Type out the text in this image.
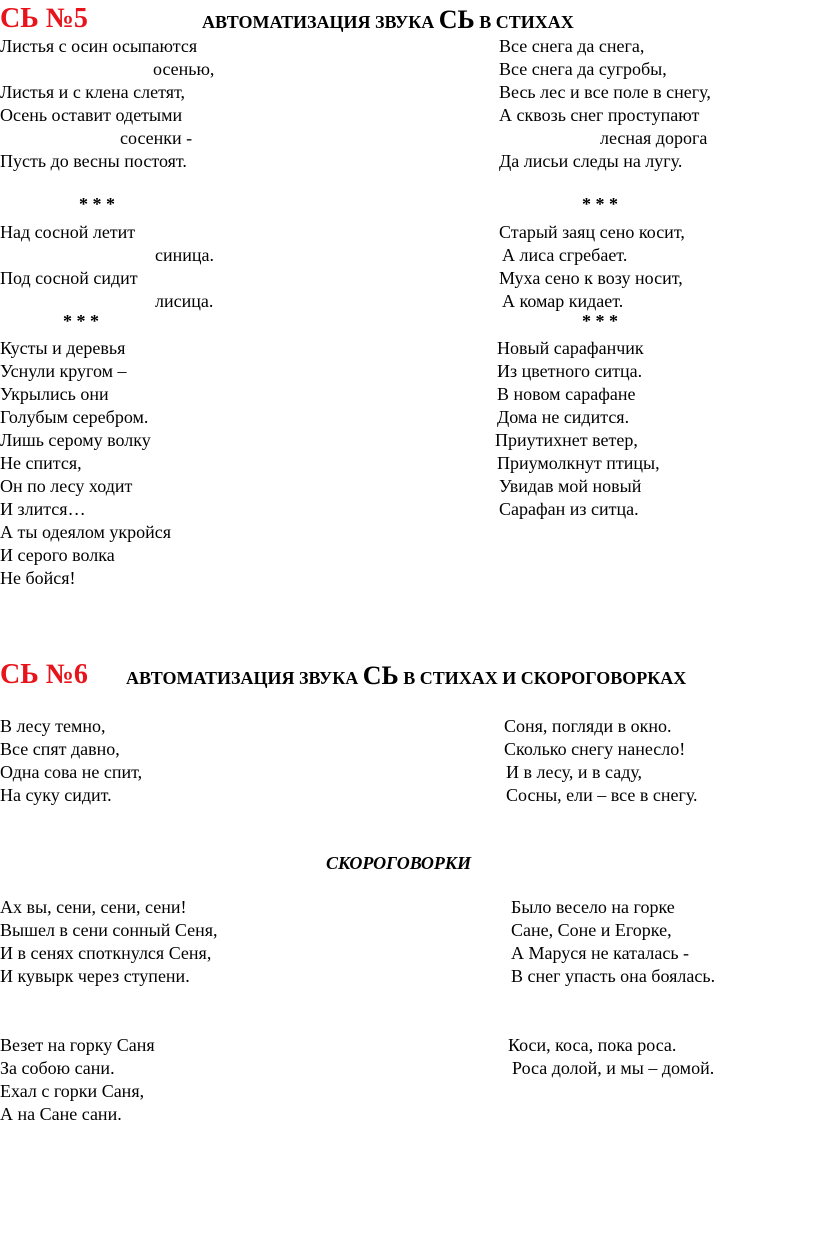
СЬ №5	АВТОМАТИЗАЦИЯ ЗВУКА СЬ В СТИХАХ
Листья с осин осыпаются
осенью,
Листья и с клена слетят,
Осень оставит одетыми
сосенки -
Пусть до весны постоят.
Все снега да снега,
Все снега да сугробы,
Весь лес и все поле в снегу,
А сквозь снег проступают
лесная дорога
Да лисьи следы на лугу.
* * *	* * *
Над сосной летит
синица.
Под сосной сидит
лисица.
Старый заяц сено косит,
А лиса сгребает.
Муха сено к возу носит,
А комар кидает.
* * *	* * *
Кусты и деревья
Уснули кругом –
Укрылись они
Голубым серебром.
Лишь серому волку
Не спится,
Он по лесу ходит
И злится…
А ты одеялом укройся
И серого волка
Не бойся!
Новый сарафанчик
Из цветного ситца.
В новом сарафане
Дома не сидится.
Приутихнет ветер,
Приумолкнут птицы,
Увидав мой новый
Сарафан из ситца.
СЬ №6 АВТОМАТИЗАЦИЯ ЗВУКА СЬ В СТИХАХ И СКОРОГОВОРКАХ
В лесу темно,
Все спят давно,
Одна сова не спит,
На суку сидит.
Соня, погляди в окно.
Сколько снегу нанесло!
И в лесу, и в саду,
Сосны, ели – все в снегу.
СКОРОГОВОРКИ
Ах вы, сени, сени, сени!
Вышел в сени сонный Сеня,
И в сенях споткнулся Сеня,
И кувырк через ступени.
Было весело на горке
Сане, Соне и Егорке,
А Маруся не каталась -
В снег упасть она боялась.
Везет на горку Саня
За собою сани.
Ехал с горки Саня,
А на Сане сани.
Коси, коса, пока роса.
Роса долой, и мы – домой.
